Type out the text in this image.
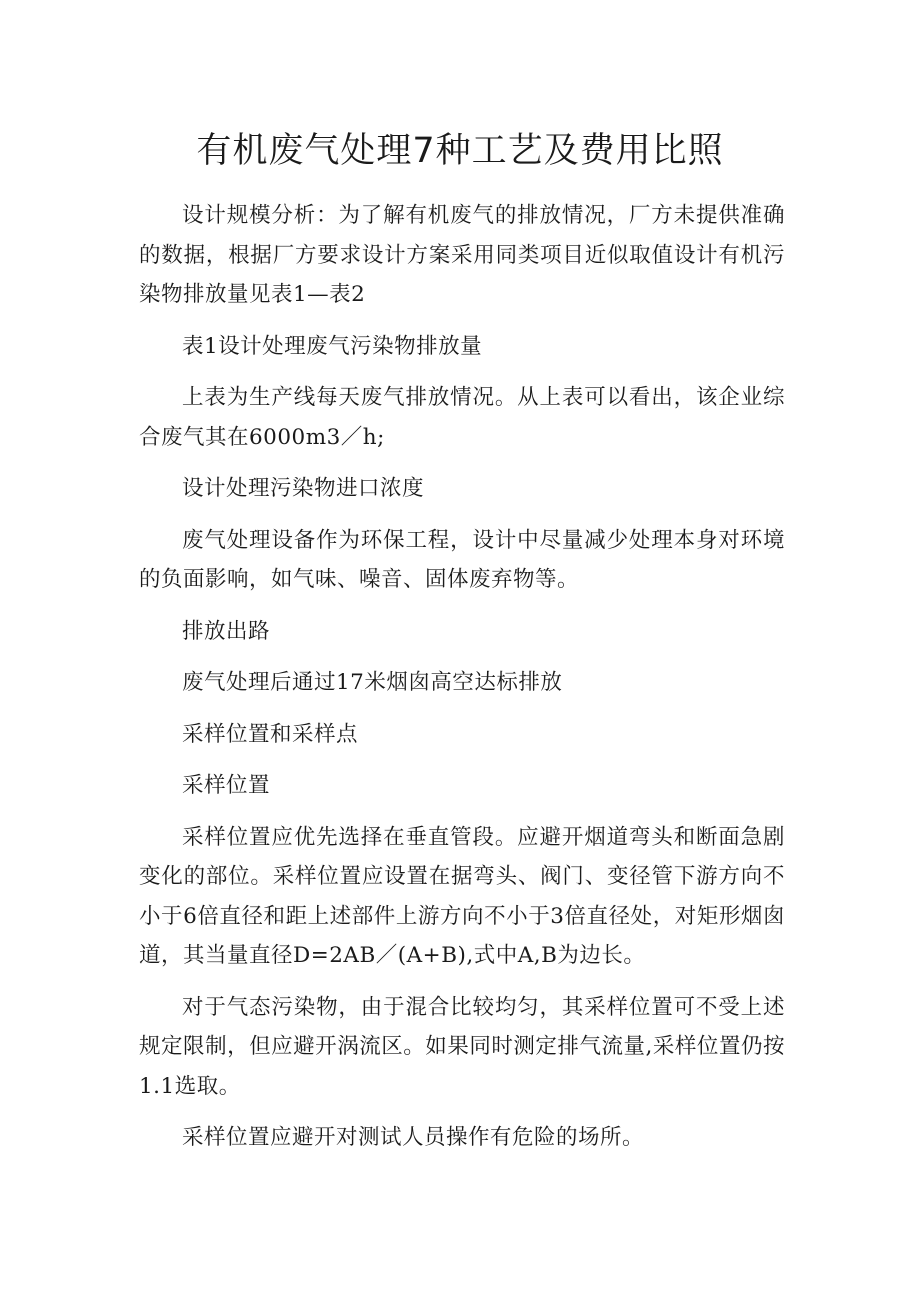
有机废气处理7种工艺及费用比照

设计规模分析：为了解有机废气的排放情况，厂方未提供准确的数据，根据厂方要求设计方案采用同类项目近似取值设计有机污染物排放量见表1—表2

表1设计处理废气污染物排放量

上表为生产线每天废气排放情况。从上表可以看出，该企业综合废气其在6000m3／h;

设计处理污染物进口浓度

废气处理设备作为环保工程，设计中尽量减少处理本身对环境的负面影响，如气味、噪音、固体废弃物等。

排放出路

废气处理后通过17米烟囱高空达标排放

采样位置和采样点

采样位置

采样位置应优先选择在垂直管段。应避开烟道弯头和断面急剧变化的部位。采样位置应设置在据弯头、阀门、变径管下游方向不小于6倍直径和距上述部件上游方向不小于3倍直径处，对矩形烟囱道，其当量直径D=2AB／(A+B),式中A,B为边长。

对于气态污染物，由于混合比较均匀，其采样位置可不受上述规定限制，但应避开涡流区。如果同时测定排气流量,采样位置仍按1.1选取。

采样位置应避开对测试人员操作有危险的场所。
